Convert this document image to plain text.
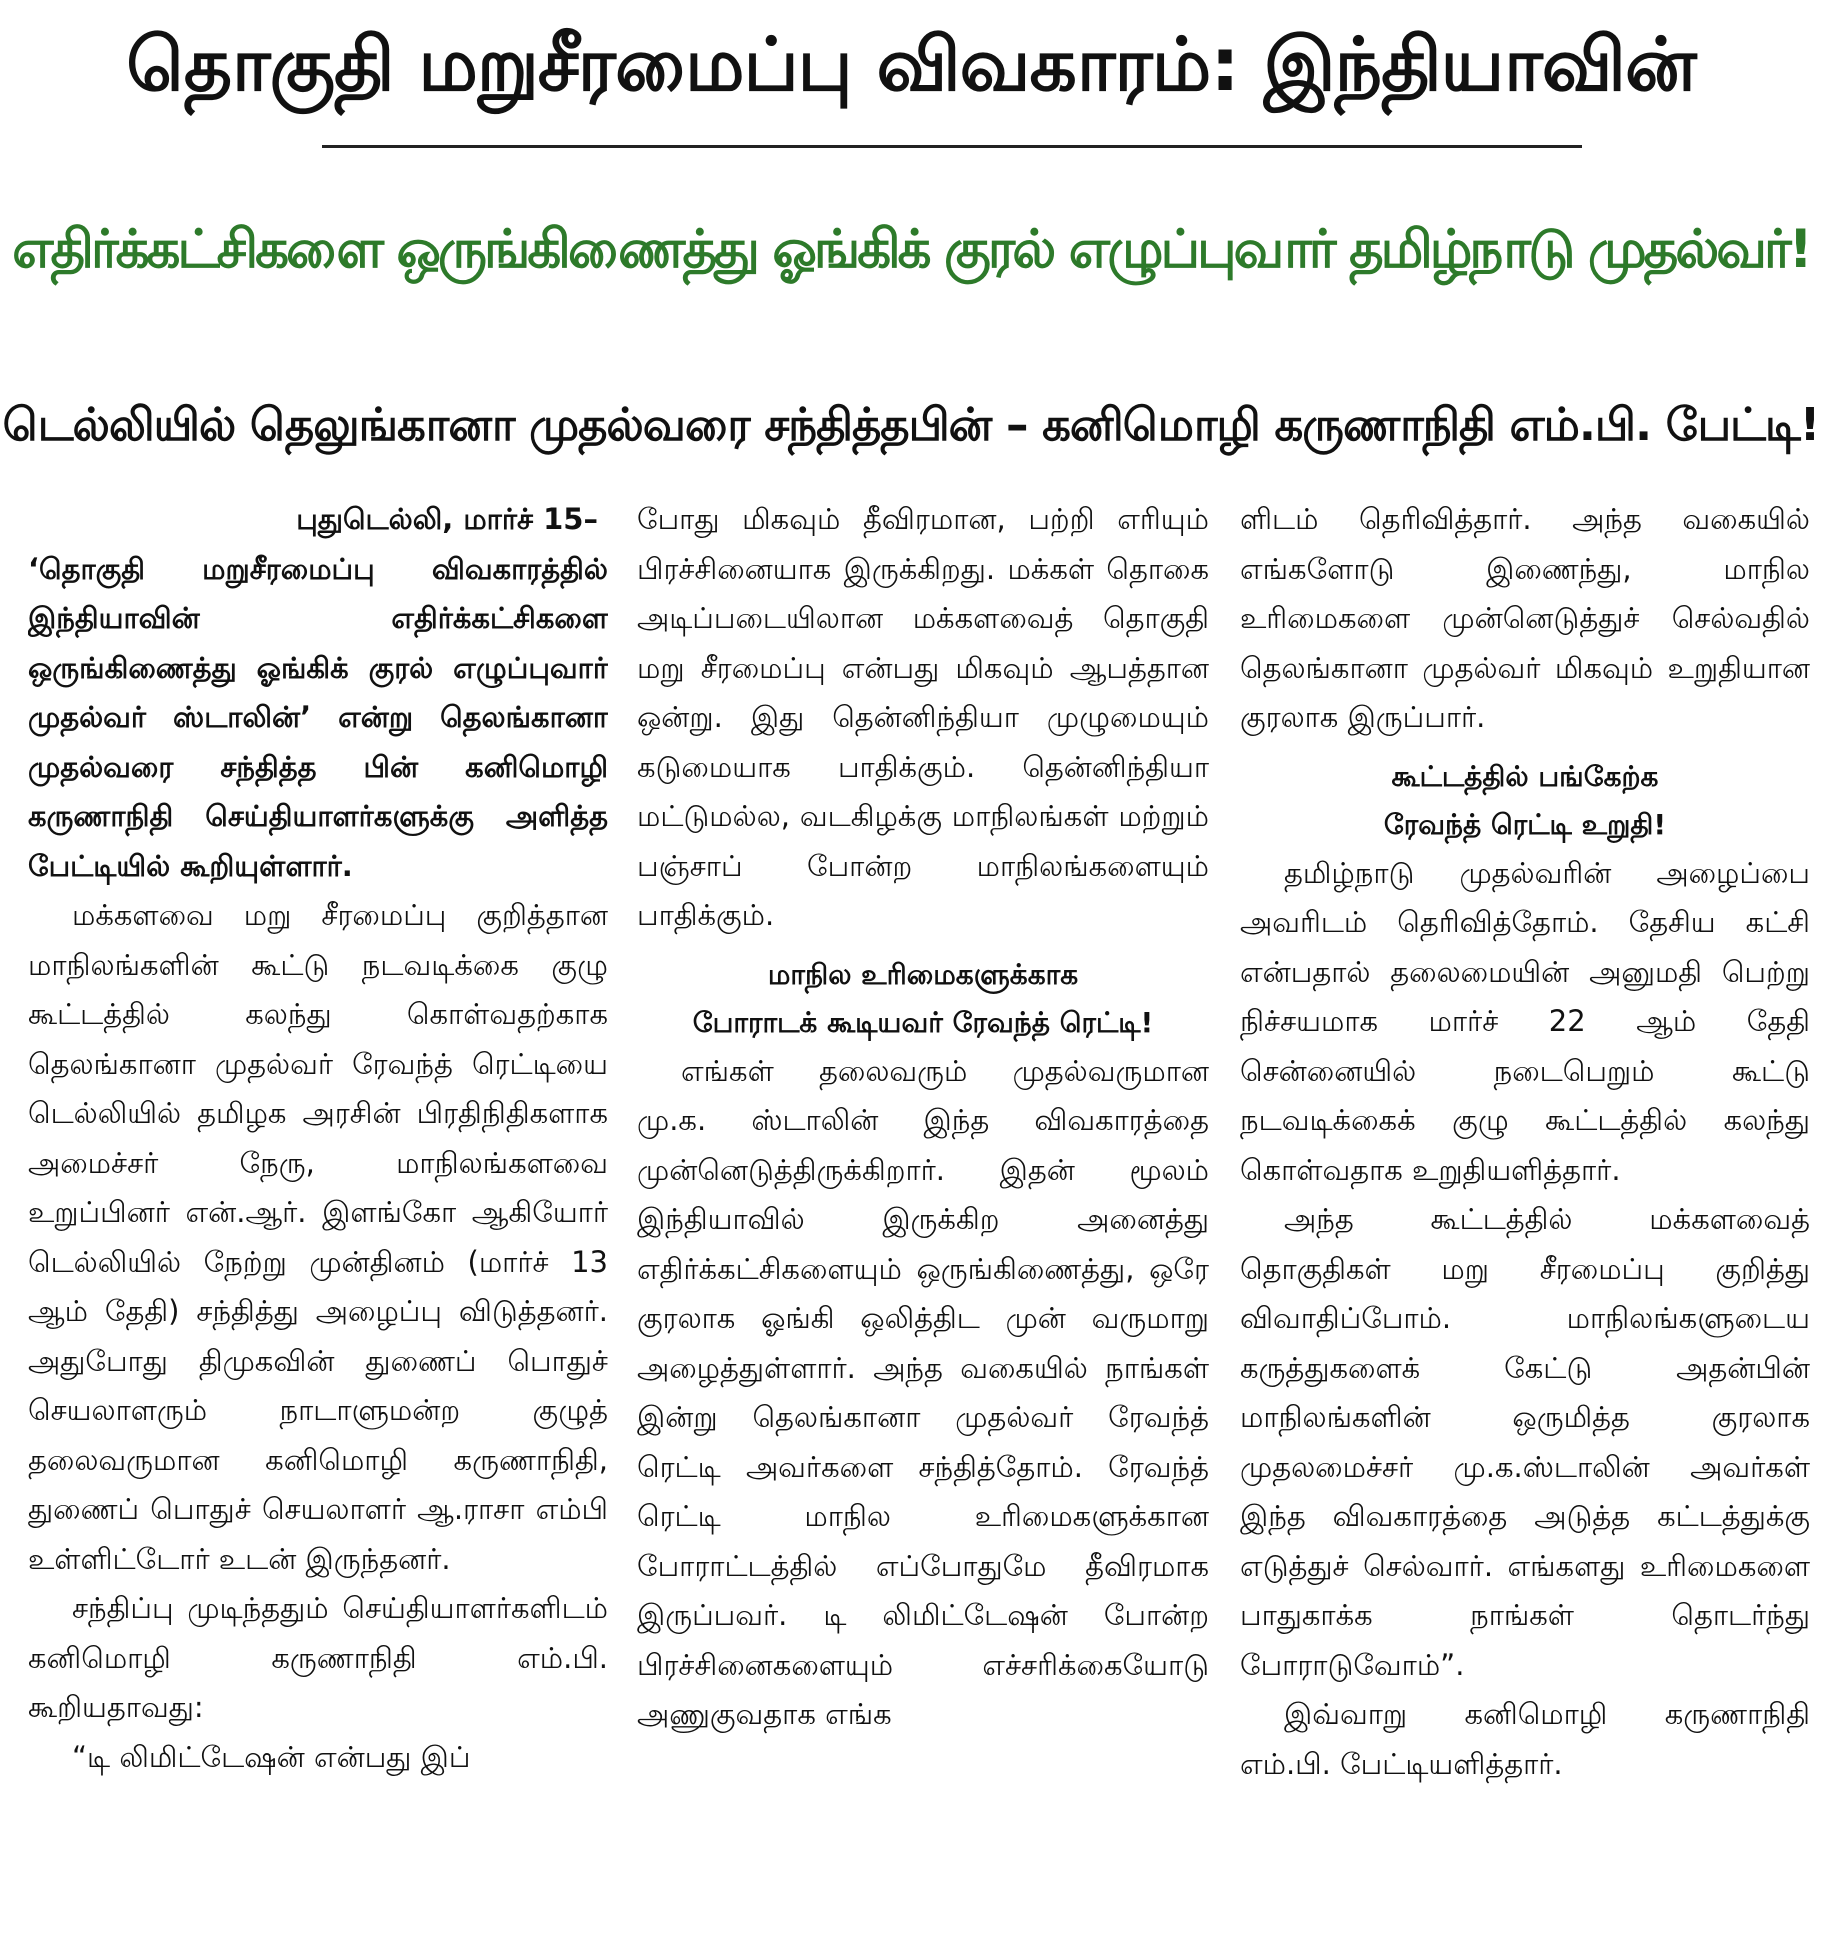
தொகுதி மறுசீரமைப்பு விவகாரம்: இந்தியாவின்
எதிர்க்கட்சிகளை ஒருங்கிணைத்து ஓங்கிக் குரல் எழுப்புவார் தமிழ்நாடு முதல்வர்!
டெல்லியில் தெலுங்கானா முதல்வரை சந்தித்தபின் – கனிமொழி கருணாநிதி எம்.பி. பேட்டி!
புதுடெல்லி, மார்ச் 15–

‘தொகுதி மறுசீரமைப்பு விவகாரத்தில் இந்தியாவின் எதிர்க்கட்சிகளை ஒருங்கிணைத்து ஓங்கிக் குரல் எழுப்புவார் முதல்வர் ஸ்டாலின்’ என்று தெலங்கானா முதல்வரை சந்தித்த பின் கனிமொழி கருணாநிதி செய்தியாளர்களுக்கு அளித்த பேட்டியில் கூறியுள்ளார்.

மக்களவை மறு சீரமைப்பு குறித்தான மாநிலங்களின் கூட்டு நடவடிக்கை குழு கூட்டத்தில் கலந்து கொள்வதற்காக தெலங்கானா முதல்வர் ரேவந்த் ரெட்டியை டெல்லியில் தமிழக அரசின் பிரதிநிதிகளாக அமைச்சர் நேரு, மாநிலங்களவை உறுப்பினர் என்.ஆர். இளங்கோ ஆகியோர் டெல்லியில் நேற்று முன்தினம் (மார்ச் 13 ஆம் தேதி) சந்தித்து அழைப்பு விடுத்தனர். அதுபோது திமுகவின் துணைப் பொதுச் செயலாளரும் நாடாளுமன்ற குழுத் தலைவருமான கனிமொழி கருணாநிதி, துணைப் பொதுச் செயலாளர் ஆ.ராசா எம்பி உள்ளிட்டோர் உடன் இருந்தனர்.

சந்திப்பு முடிந்ததும் செய்தியாளர்களிடம் கனிமொழி கருணாநிதி எம்.பி. கூறியதாவது:

“டி லிமிட்டேஷன் என்பது இப்

போது மிகவும் தீவிரமான, பற்றி எரியும் பிரச்சினையாக இருக்கிறது. மக்கள் தொகை அடிப்படையிலான மக்களவைத் தொகுதி மறு சீரமைப்பு என்பது மிகவும் ஆபத்தான ஒன்று. இது தென்னிந்தியா முழுமையும் கடுமையாக பாதிக்கும். தென்னிந்தியா மட்டுமல்ல, வடகிழக்கு மாநிலங்கள் மற்றும் பஞ்சாப் போன்ற மாநிலங்களையும் பாதிக்கும்.

மாநில உரிமைகளுக்காக
போராடக் கூடியவர் ரேவந்த் ரெட்டி!

எங்கள் தலைவரும் முதல்வருமான மு.க. ஸ்டாலின் இந்த விவகாரத்தை முன்னெடுத்திருக்கிறார். இதன் மூலம் இந்தியாவில் இருக்கிற அனைத்து எதிர்க்கட்சிகளையும் ஒருங்கிணைத்து, ஒரே குரலாக ஓங்கி ஒலித்திட முன் வருமாறு அழைத்துள்ளார். அந்த வகையில் நாங்கள் இன்று தெலங்கானா முதல்வர் ரேவந்த் ரெட்டி அவர்களை சந்தித்தோம். ரேவந்த் ரெட்டி மாநில உரிமைகளுக்கான போராட்டத்தில் எப்போதுமே தீவிரமாக இருப்பவர். டி லிமிட்டேஷன் போன்ற பிரச்சினைகளையும் எச்சரிக்கையோடு அணுகுவதாக எங்க

ளிடம் தெரிவித்தார். அந்த வகையில் எங்களோடு இணைந்து, மாநில உரிமைகளை முன்னெடுத்துச் செல்வதில் தெலங்கானா முதல்வர் மிகவும் உறுதியான குரலாக இருப்பார்.

கூட்டத்தில் பங்கேற்க
ரேவந்த் ரெட்டி உறுதி!

தமிழ்நாடு முதல்வரின் அழைப்பை அவரிடம் தெரிவித்தோம். தேசிய கட்சி என்பதால் தலைமையின் அனுமதி பெற்று நிச்சயமாக மார்ச் 22 ஆம் தேதி சென்னையில் நடைபெறும் கூட்டு நடவடிக்கைக் குழு கூட்டத்தில் கலந்து கொள்வதாக உறுதியளித்தார்.

அந்த கூட்டத்தில் மக்களவைத் தொகுதிகள் மறு சீரமைப்பு குறித்து விவாதிப்போம். மாநிலங்களுடைய கருத்துகளைக் கேட்டு அதன்பின் மாநிலங்களின் ஒருமித்த குரலாக முதலமைச்சர் மு.க.ஸ்டாலின் அவர்கள் இந்த விவகாரத்தை அடுத்த கட்டத்துக்கு எடுத்துச் செல்வார். எங்களது உரிமைகளை பாதுகாக்க நாங்கள் தொடர்ந்து போராடுவோம்”.

இவ்வாறு கனிமொழி கருணாநிதி எம்.பி. பேட்டியளித்தார்.
